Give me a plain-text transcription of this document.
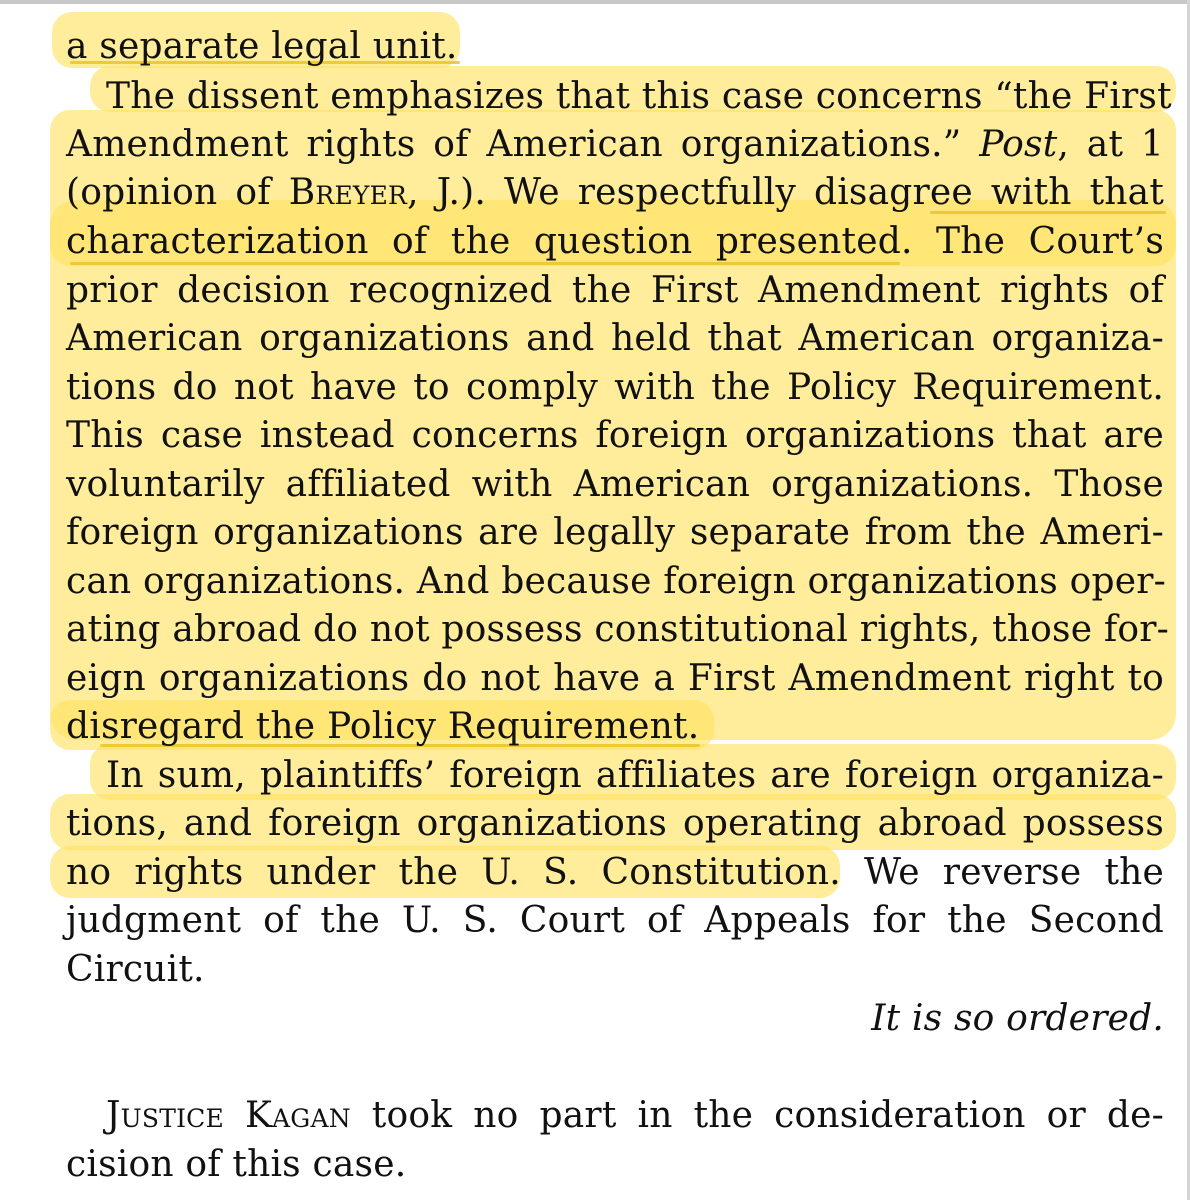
a separate legal unit.
The dissent emphasizes that this case concerns “the First
Amendment rights of American organizations.” Post, at 1
(opinion of Breyer, J.). We respectfully disagree with that
characterization of the question presented. The Court’s
prior decision recognized the First Amendment rights of
American organizations and held that American organiza-
tions do not have to comply with the Policy Requirement.
This case instead concerns foreign organizations that are
voluntarily affiliated with American organizations. Those
foreign organizations are legally separate from the Ameri-
can organizations. And because foreign organizations oper-
ating abroad do not possess constitutional rights, those for-
eign organizations do not have a First Amendment right to
disregard the Policy Requirement.
In sum, plaintiffs’ foreign affiliates are foreign organiza-
tions, and foreign organizations operating abroad possess
no rights under the U. S. Constitution. We reverse the
judgment of the U. S. Court of Appeals for the Second
Circuit.
It is so ordered.
Justice Kagan took no part in the consideration or de-
cision of this case.
